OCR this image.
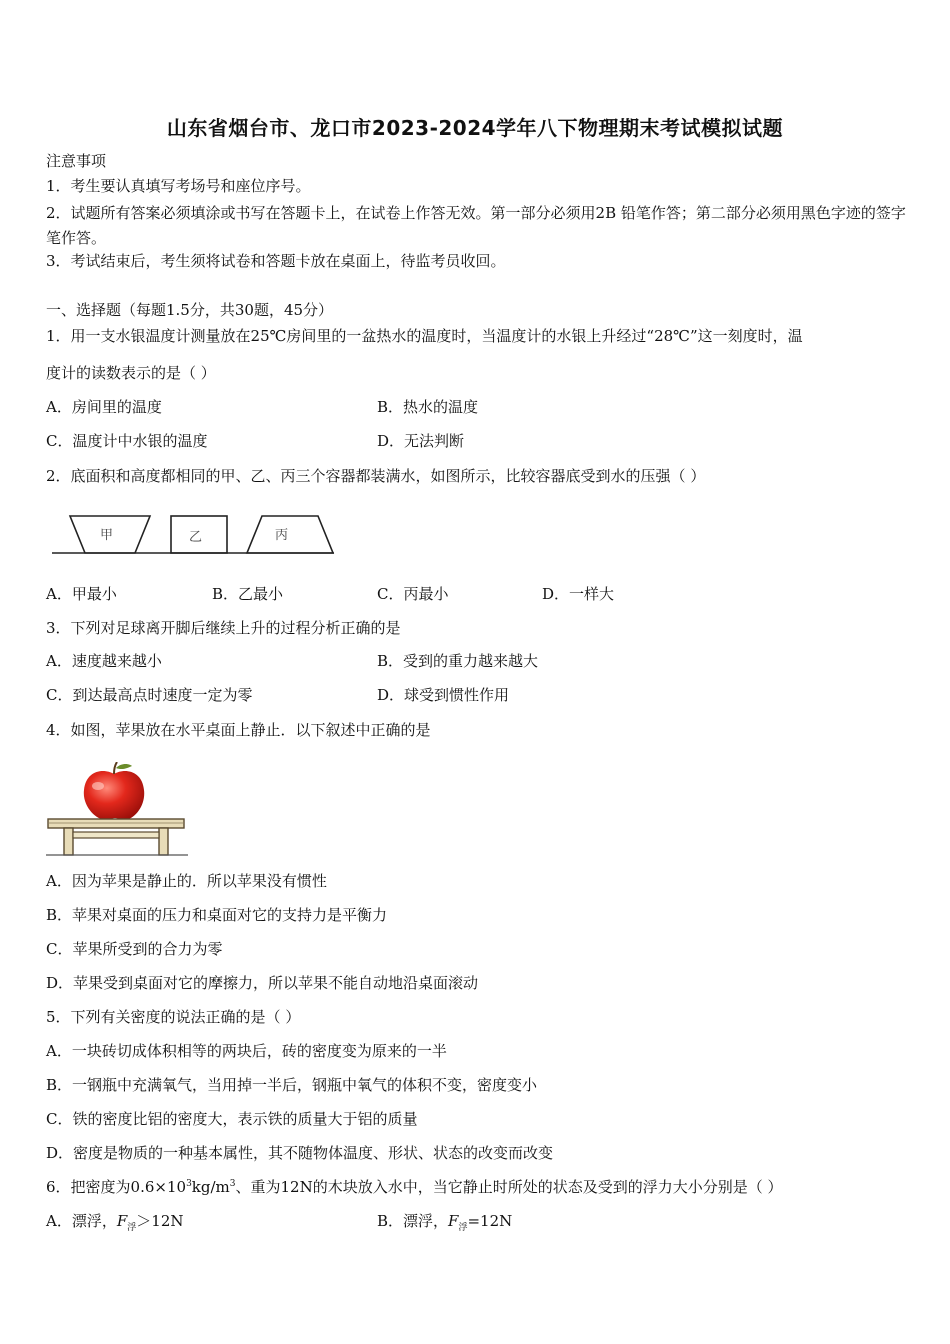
山东省烟台市、龙口市2023-2024学年八下物理期末考试模拟试题
注意事项
1．考生要认真填写考场号和座位序号。
2．试题所有答案必须填涂或书写在答题卡上，在试卷上作答无效。第一部分必须用2B 铅笔作答；第二部分必须用黑色字迹的签字笔作答。
3．考试结束后，考生须将试卷和答题卡放在桌面上，待监考员收回。
一、选择题（每题1.5分，共30题，45分）
1．用一支水银温度计测量放在25℃房间里的一盆热水的温度时，当温度计的水银上升经过“28℃”这一刻度时，温
度计的读数表示的是（ ）
A．房间里的温度	B．热水的温度
C．温度计中水银的温度	D．无法判断
2．底面积和高度都相同的甲、乙、丙三个容器都装满水，如图所示，比较容器底受到水的压强（ ）
甲	乙	丙
A．甲最小	B．乙最小	C．丙最小	D．一样大
3．下列对足球离开脚后继续上升的过程分析正确的是
A．速度越来越小	B．受到的重力越来越大
C．到达最高点时速度一定为零	D．球受到惯性作用
4．如图，苹果放在水平桌面上静止．以下叙述中正确的是
A．因为苹果是静止的．所以苹果没有惯性
B．苹果对桌面的压力和桌面对它的支持力是平衡力
C．苹果所受到的合力为零
D．苹果受到桌面对它的摩擦力，所以苹果不能自动地沿桌面滚动
5．下列有关密度的说法正确的是（ ）
A．一块砖切成体积相等的两块后，砖的密度变为原来的一半
B．一钢瓶中充满氧气，当用掉一半后，钢瓶中氧气的体积不变，密度变小
C．铁的密度比铝的密度大，表示铁的质量大于铝的质量
D．密度是物质的一种基本属性，其不随物体温度、形状、状态的改变而改变
6．把密度为$0.6\times 10^3kg/m^3$、重为12N的木块放入水中，当它静止时所处的状态及受到的浮力大小分别是（ ）
A．漂浮，$F_浮>12N$	B．漂浮，$F_浮=12N$
